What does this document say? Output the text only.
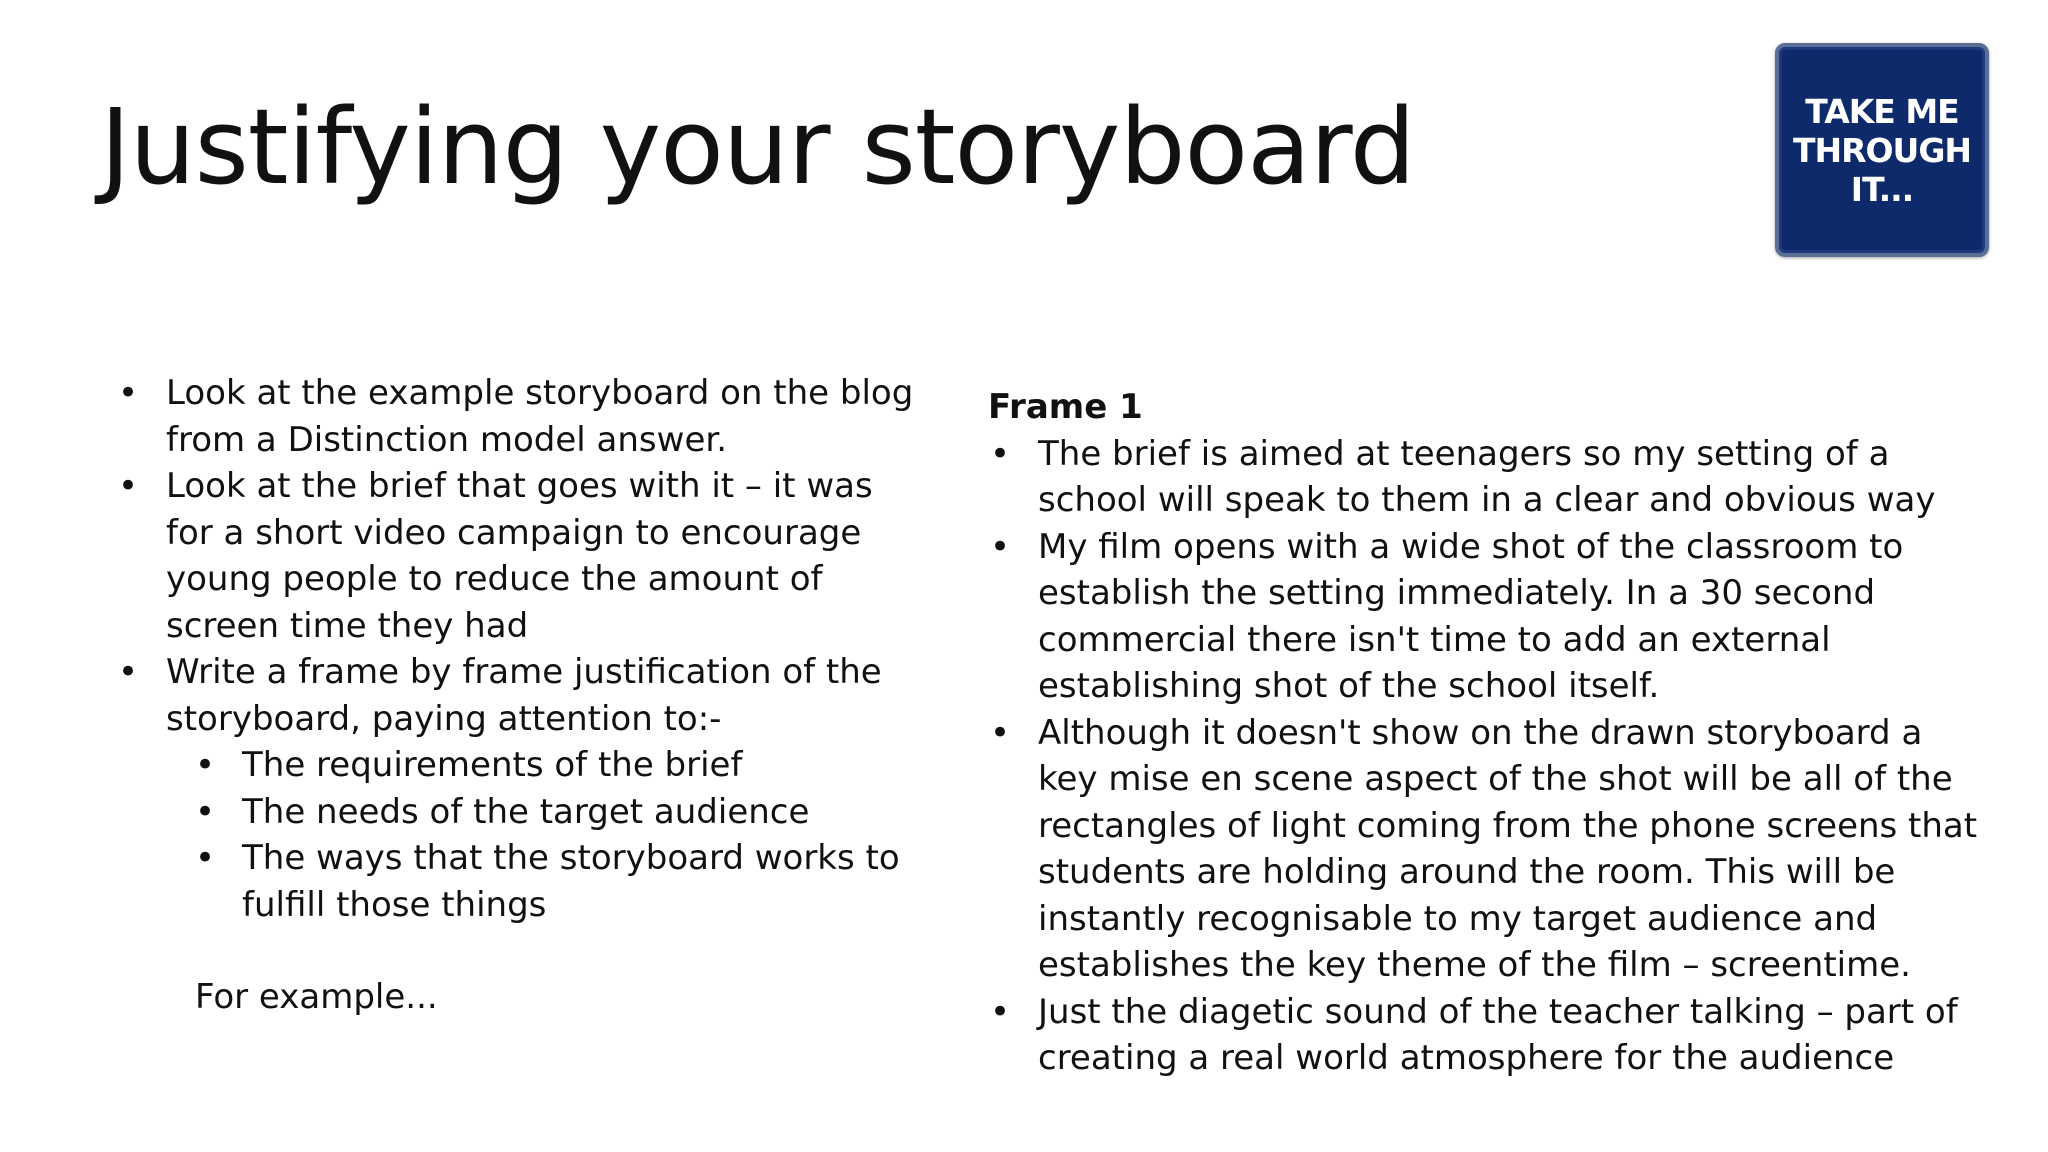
Justifying your storyboard	TAKE ME
THROUGH
IT...
• Look at the example storyboard on the blog from a Distinction model answer.
• Look at the brief that goes with it – it was for a short video campaign to encourage young people to reduce the amount of screen time they had
• Write a frame by frame justification of the storyboard, paying attention to:-
• The requirements of the brief
• The needs of the target audience
• The ways that the storyboard works to fulfill those things
For example...

Frame 1

• The brief is aimed at teenagers so my setting of a school will speak to them in a clear and obvious way
• My film opens with a wide shot of the classroom to establish the setting immediately. In a 30 second commercial there isn't time to add an external establishing shot of the school itself.
• Although it doesn't show on the drawn storyboard a key mise en scene aspect of the shot will be all of the rectangles of light coming from the phone screens that students are holding around the room. This will be instantly recognisable to my target audience and establishes the key theme of the film – screentime.
• Just the diagetic sound of the teacher talking – part of creating a real world atmosphere for the audience
